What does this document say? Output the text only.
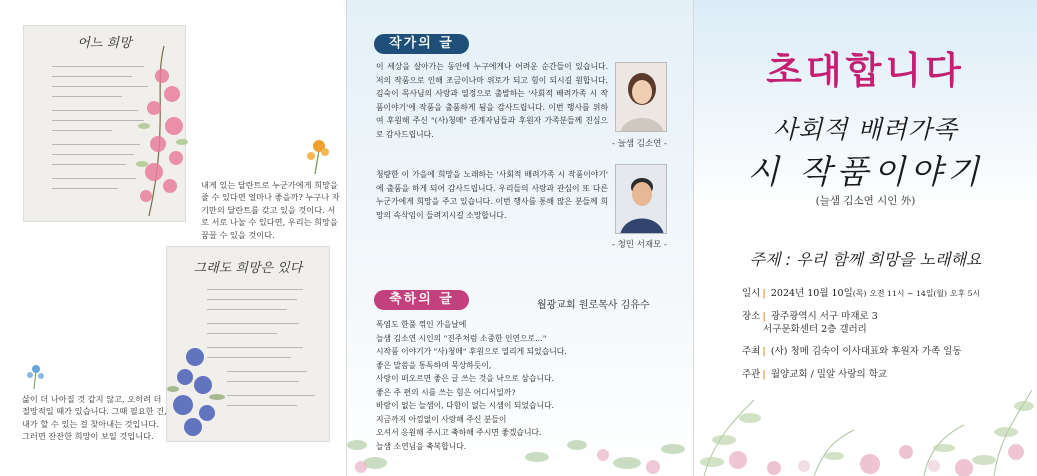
어느 희망
내게 있는 달란트로 누군가에게 희망을 줄 수 있다면 얼마나 좋을까? 누구나 자기만의 달란트를 갖고 있을 것이다. 서로 서로 나눌 수 있다면, 우리는 희망을 꿈꿀 수 있을 것이다.
그래도 희망은 있다
삶이 더 나아질 것 같지 않고, 오히려 더 절망적일 때가 있습니다. 그때 필요한 건, 내가 할 수 있는 걸 찾아내는 것입니다. 그러면 잔잔한 희망이 보일 것입니다.
작가의 글
이 세상을 살아가는 동안에 누구에게나 어려운 순간들이 있습니다. 저의 작품으로 인해 조금이나마 위로가 되고 힘이 되시길 원합니다. 김숙이 목사님의 사랑과 열정으로 출발하는 '사회적 배려가족 시 작품이야기'에 작품을 출품하게 됨을 감사드립니다. 이번 행사를 위하여 후원해 주신 "(사)청메" 관계자님들과 후원자 가족분들께 진심으로 감사드립니다.
- 늘샘 김소연 -
청량한 이 가을에 희망을 노래하는 '사회적 배려가족 시 작품이야기' 에 출품을 하게 되어 감사드립니다. 우리들의 사랑과 관심이 또 다른 누군가에게 희망을 주고 있습니다. 이번 행사를 통해 많은 분들께 희망의 속삭임이 들려지시길 소망합니다.
- 청민 서재모 -
축하의 글	월광교회 원로목사 김유수
폭염도 한풀 꺾인 가을날에
늘샘 김소연 시인의 "진주처럼 소중한 인연으로…"
시작품 이야기가 "사)청메" 후원으로 열리게 되었습니다.
좋은 말씀을 통독하며 묵상하듯이,
사랑이 떠오르면 좋은 글 쓰는 것을 낙으로 삼습니다.
좋은 주 편의 시를 쓰는 힘은 어디서일까?
바람이 없는 늘샘이, 다함이 없는 시샘이 되었습니다.
지금까지 아낌없이 사랑해 주신 분들이
오셔서 응원해 주시고 축하해 주시면 좋겠습니다.
늘샘 소연님을 축복합니다.
초대합니다
사회적 배려가족
시 작품이야기
(늘샘 김소연 시인 外)
주제 : 우리 함께 희망을 노래해요
일시 | 2024년 10월 10일(목) 오전 11시 ~ 14일(월) 오후 5시
장소 | 광주광역시 서구 마재로 3
서구문화센터 2층 갤러리
주최 | (사) 청메 김숙이 이사대표와 후원자 가족 일동
주관 | 월양교회 / 밀알 사랑의 학교
